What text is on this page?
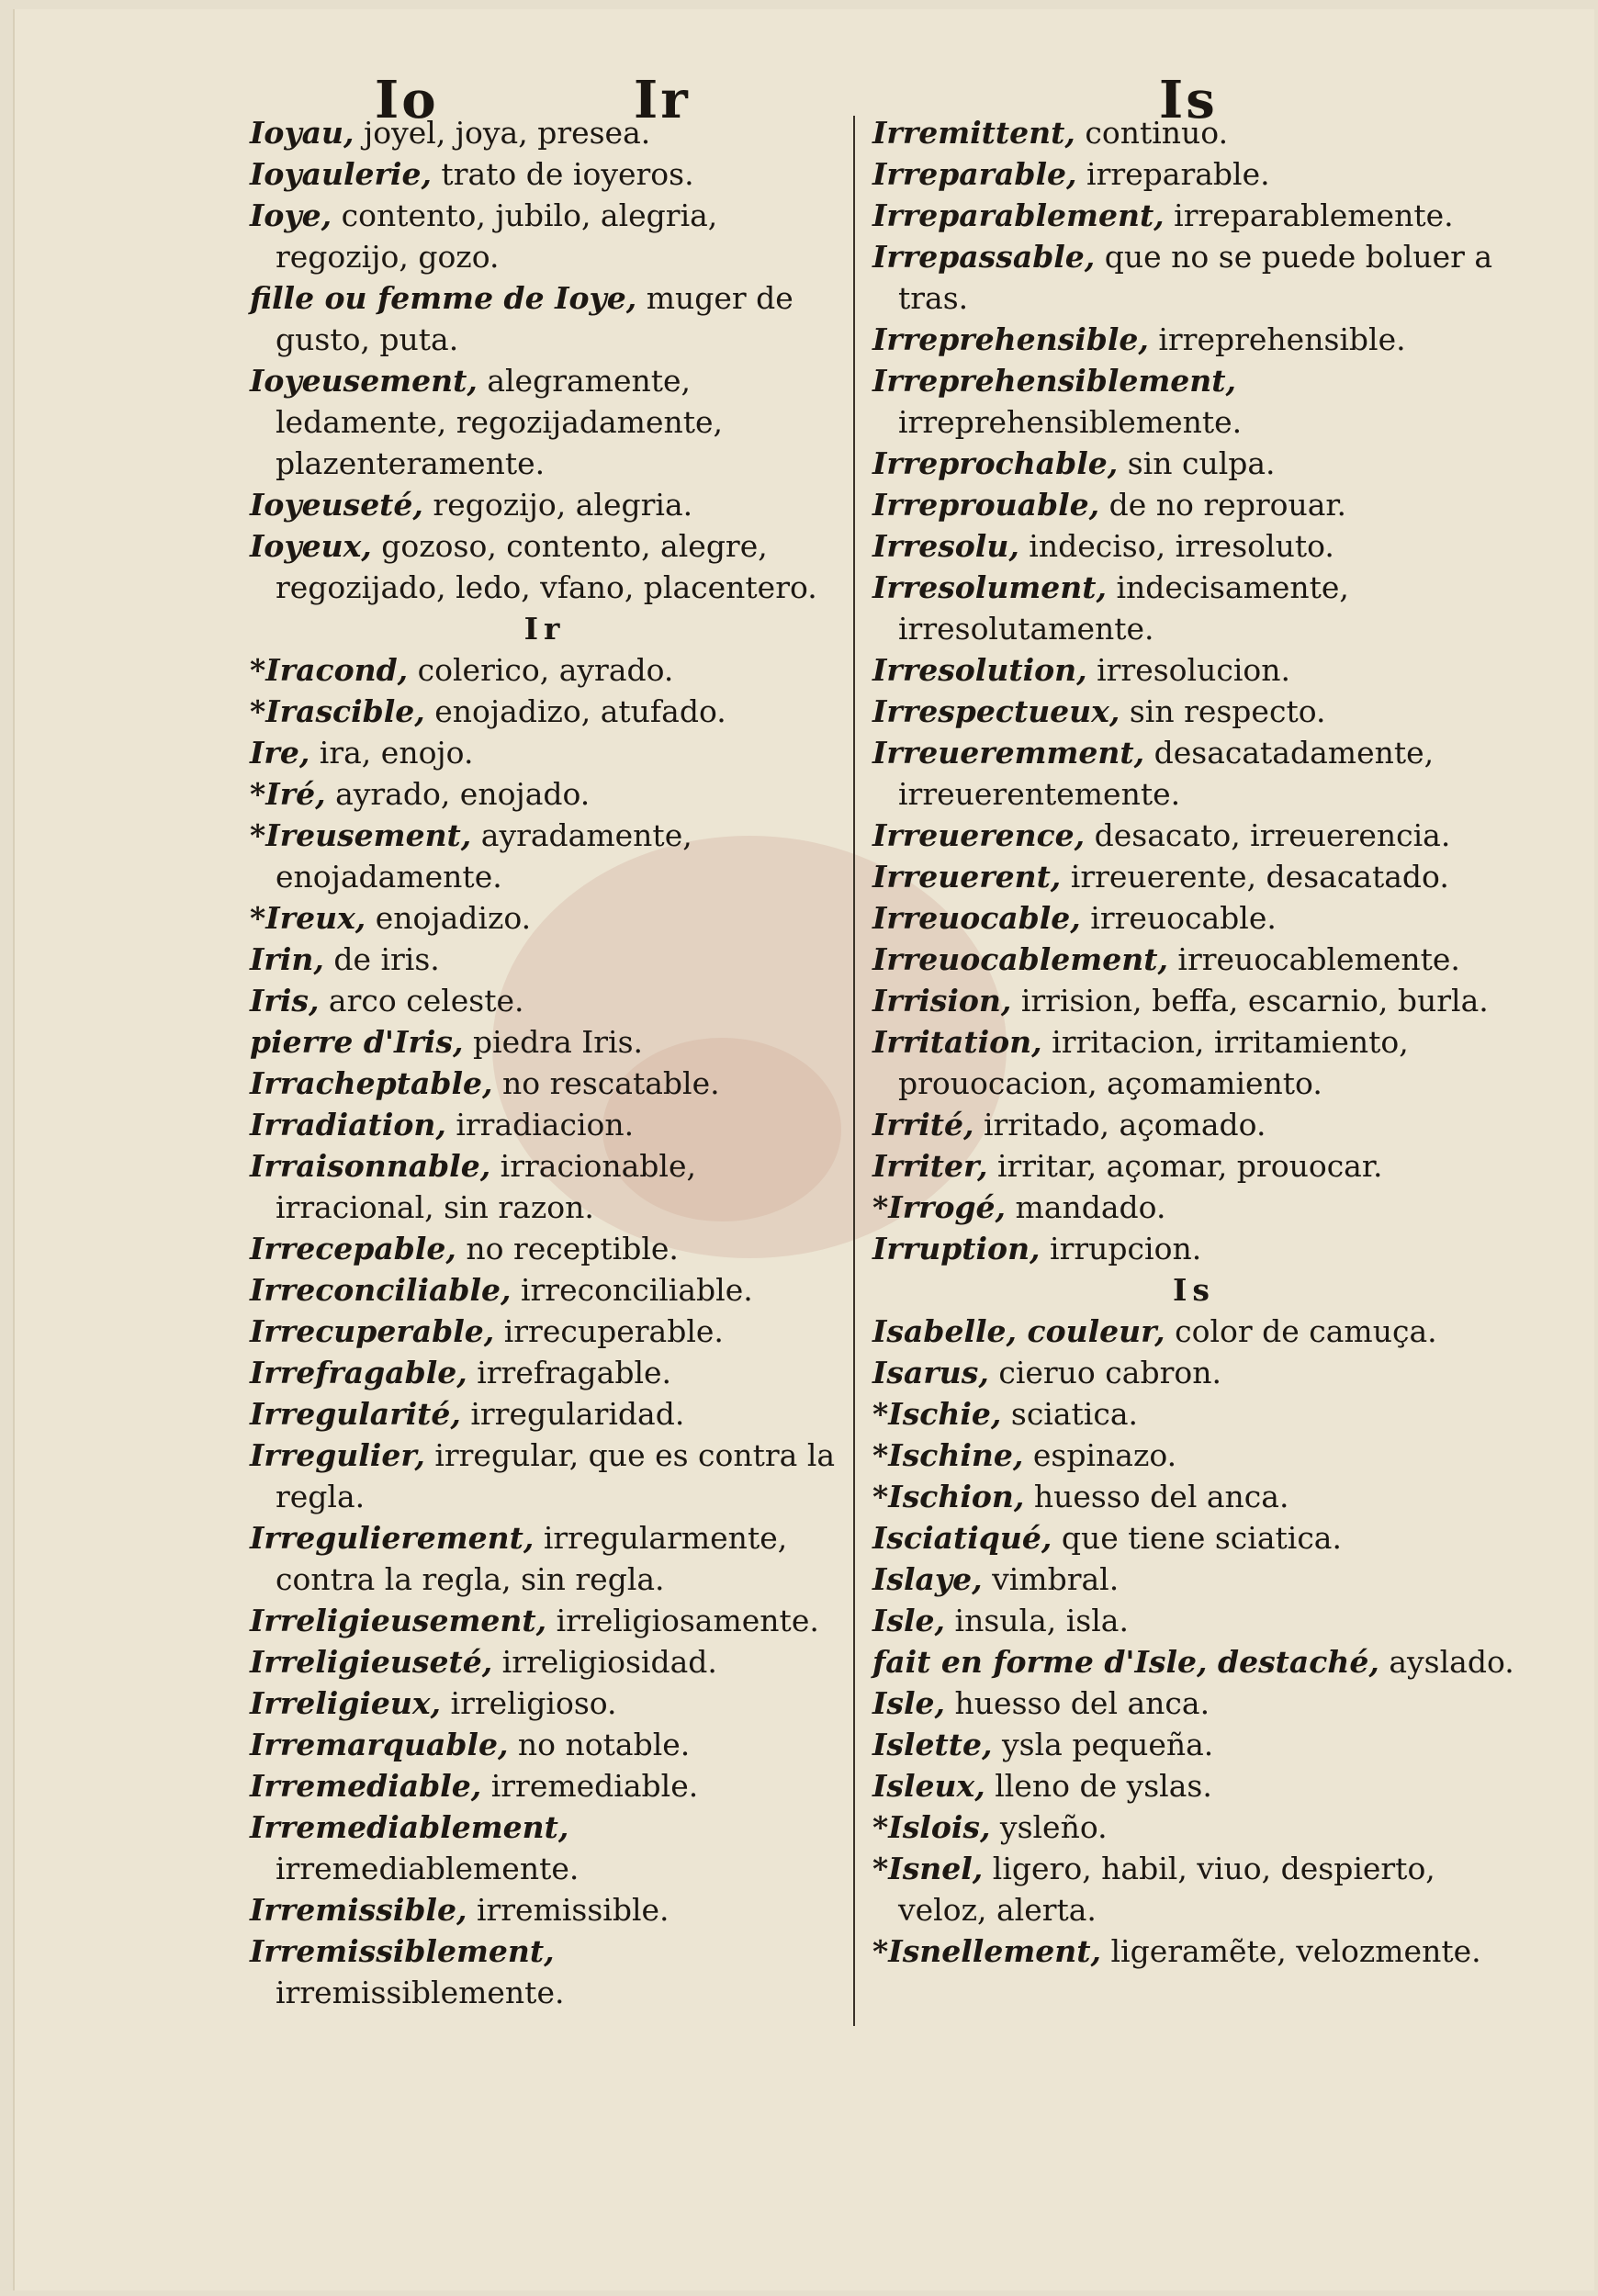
Io	Ir	Is

Ioyau, joyel, joya, presea.

Ioyaulerie, trato de ioyeros.

Ioye, contento, jubilo, alegria, regozijo, gozo.

fille ou femme de Ioye, muger de gusto, puta.

Ioyeusement, alegramente, ledamente, regozijadamente, plazenteramente.

Ioyeuseté, regozijo, alegria.

Ioyeux, gozoso, contento, alegre, regozijado, ledo, vfano, placentero.

Ir

*Iracond, colerico, ayrado.

*Irascible, enojadizo, atufado.

Ire, ira, enojo.

*Iré, ayrado, enojado.

*Ireusement, ayradamente, enojadamente.

*Ireux, enojadizo.

Irin, de iris.

Iris, arco celeste.

pierre d'Iris, piedra Iris.

Irracheptable, no rescatable.

Irradiation, irradiacion.

Irraisonnable, irracionable, irracional, sin razon.

Irrecepable, no receptible.

Irreconciliable, irreconciliable.

Irrecuperable, irrecuperable.

Irrefragable, irrefragable.

Irregularité, irregularidad.

Irregulier, irregular, que es contra la regla.

Irregulierement, irregularmente, contra la regla, sin regla.

Irreligieusement, irreligiosamente.

Irreligieuseté, irreligiosidad.

Irreligieux, irreligioso.

Irremarquable, no notable.

Irremediable, irremediable.

Irremediablement, irremediablemente.

Irremissible, irremissible.

Irremissiblement, irremissiblemente.

Irremittent, continuo.

Irreparable, irreparable.

Irreparablement, irreparablemente.

Irrepassable, que no se puede boluer a tras.

Irreprehensible, irreprehensible.

Irreprehensiblement, irreprehensiblemente.

Irreprochable, sin culpa.

Irreprouable, de no reprouar.

Irresolu, indeciso, irresoluto.

Irresolument, indecisamente, irresolutamente.

Irresolution, irresolucion.

Irrespectueux, sin respecto.

Irreueremment, desacatadamente, irreuerentemente.

Irreuerence, desacato, irreuerencia.

Irreuerent, irreuerente, desacatado.

Irreuocable, irreuocable.

Irreuocablement, irreuocablemente.

Irrision, irrision, beffa, escarnio, burla.

Irritation, irritacion, irritamiento, prouocacion, açomamiento.

Irrité, irritado, açomado.

Irriter, irritar, açomar, prouocar.

*Irrogé, mandado.

Irruption, irrupcion.

Is

Isabelle, couleur, color de camuça.

Isarus, cieruo cabron.

*Ischie, sciatica.

*Ischine, espinazo.

*Ischion, huesso del anca.

Isciatiqué, que tiene sciatica.

Islaye, vimbral.

Isle, insula, isla.

fait en forme d'Isle, destaché, ayslado.

Isle, huesso del anca.

Islette, ysla pequeña.

Isleux, lleno de yslas.

*Islois, ysleño.

*Isnel, ligero, habil, viuo, despierto, veloz, alerta.

*Isnellement, ligeramẽte, velozmente.
